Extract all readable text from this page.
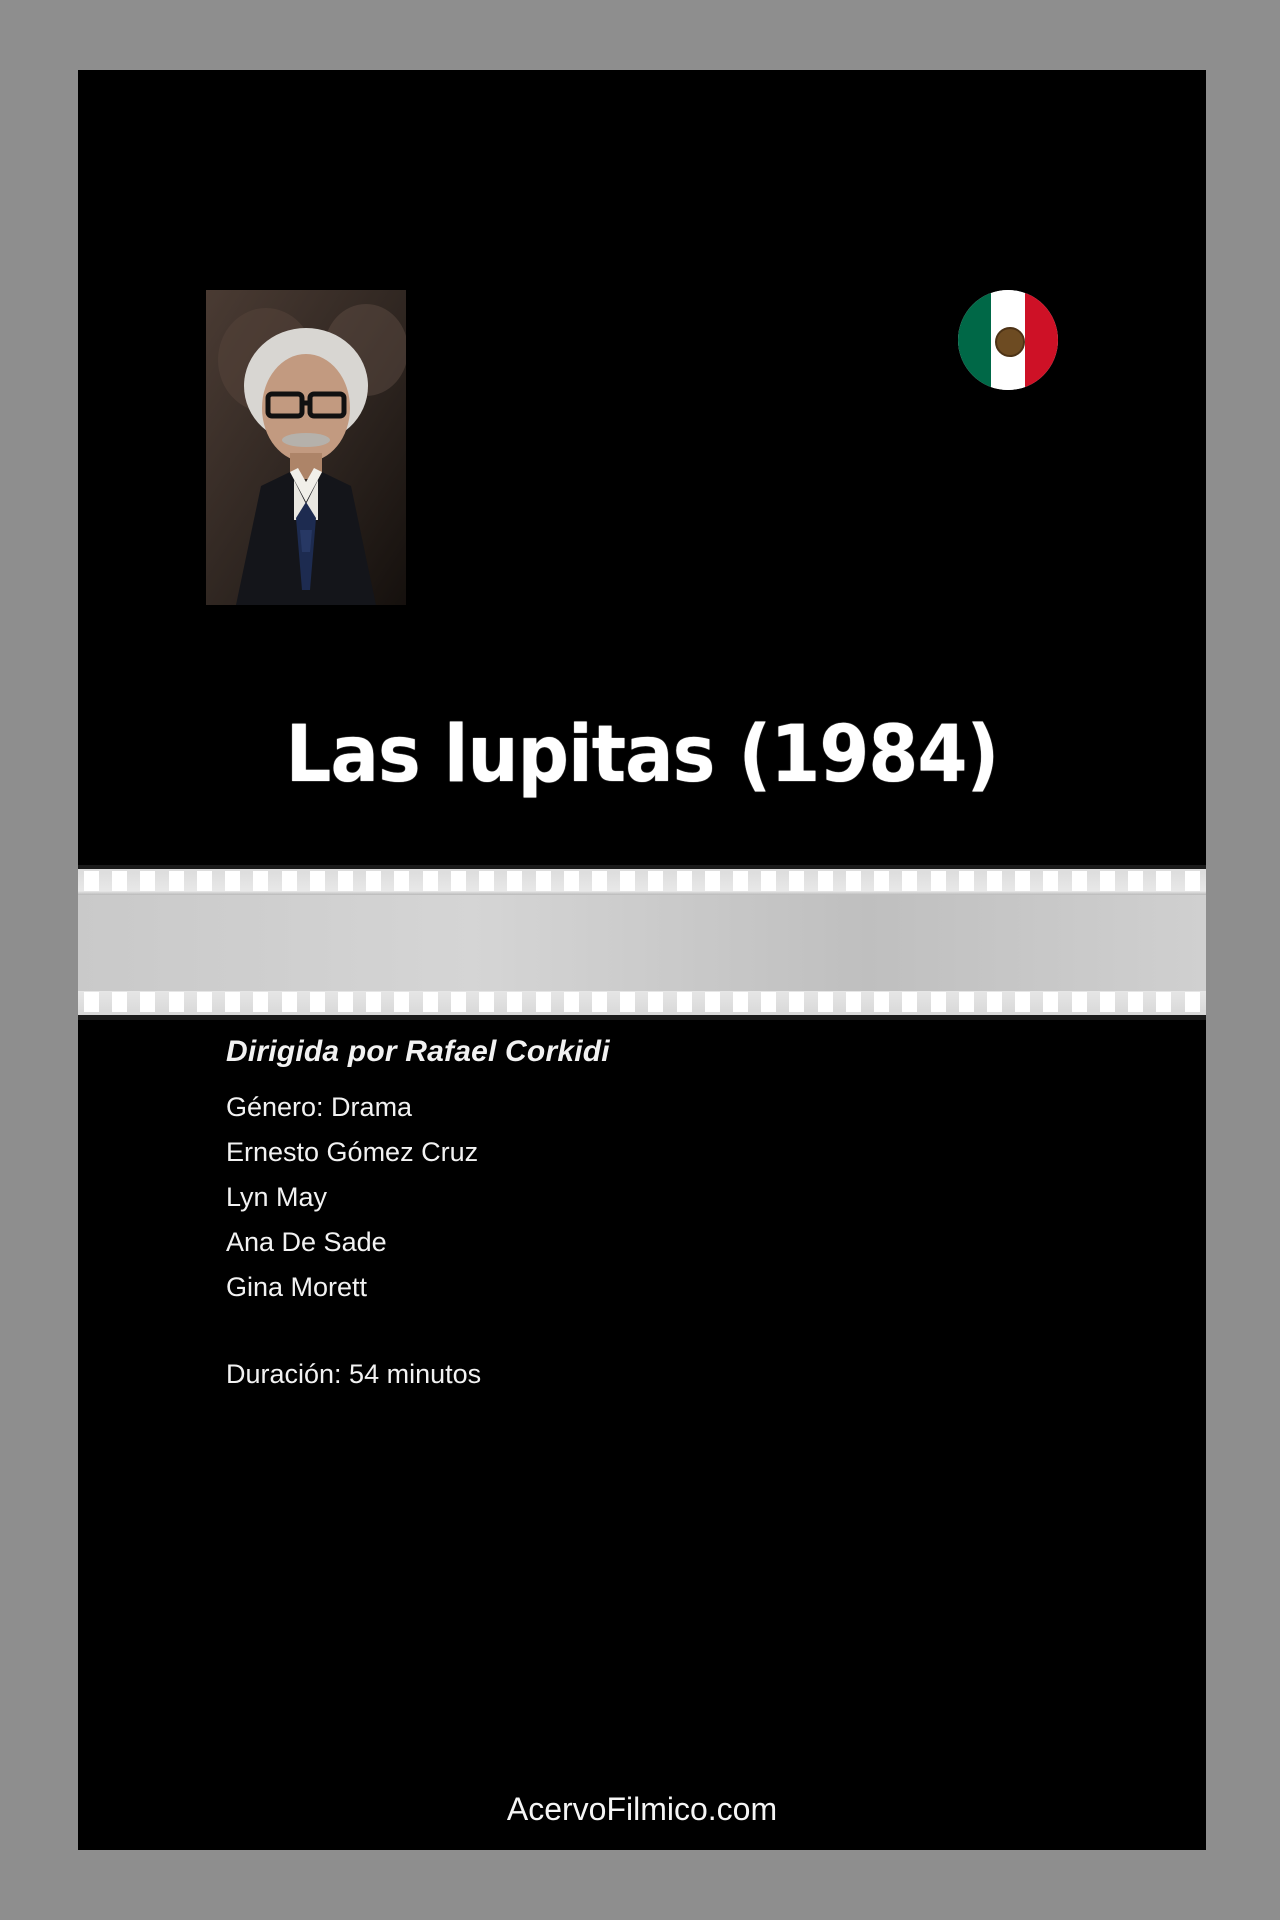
Las lupitas (1984)
Dirigida por Rafael Corkidi
Género: Drama
Ernesto Gómez Cruz
Lyn May
Ana De Sade
Gina Morett
Duración: 54 minutos
AcervoFilmico.com
